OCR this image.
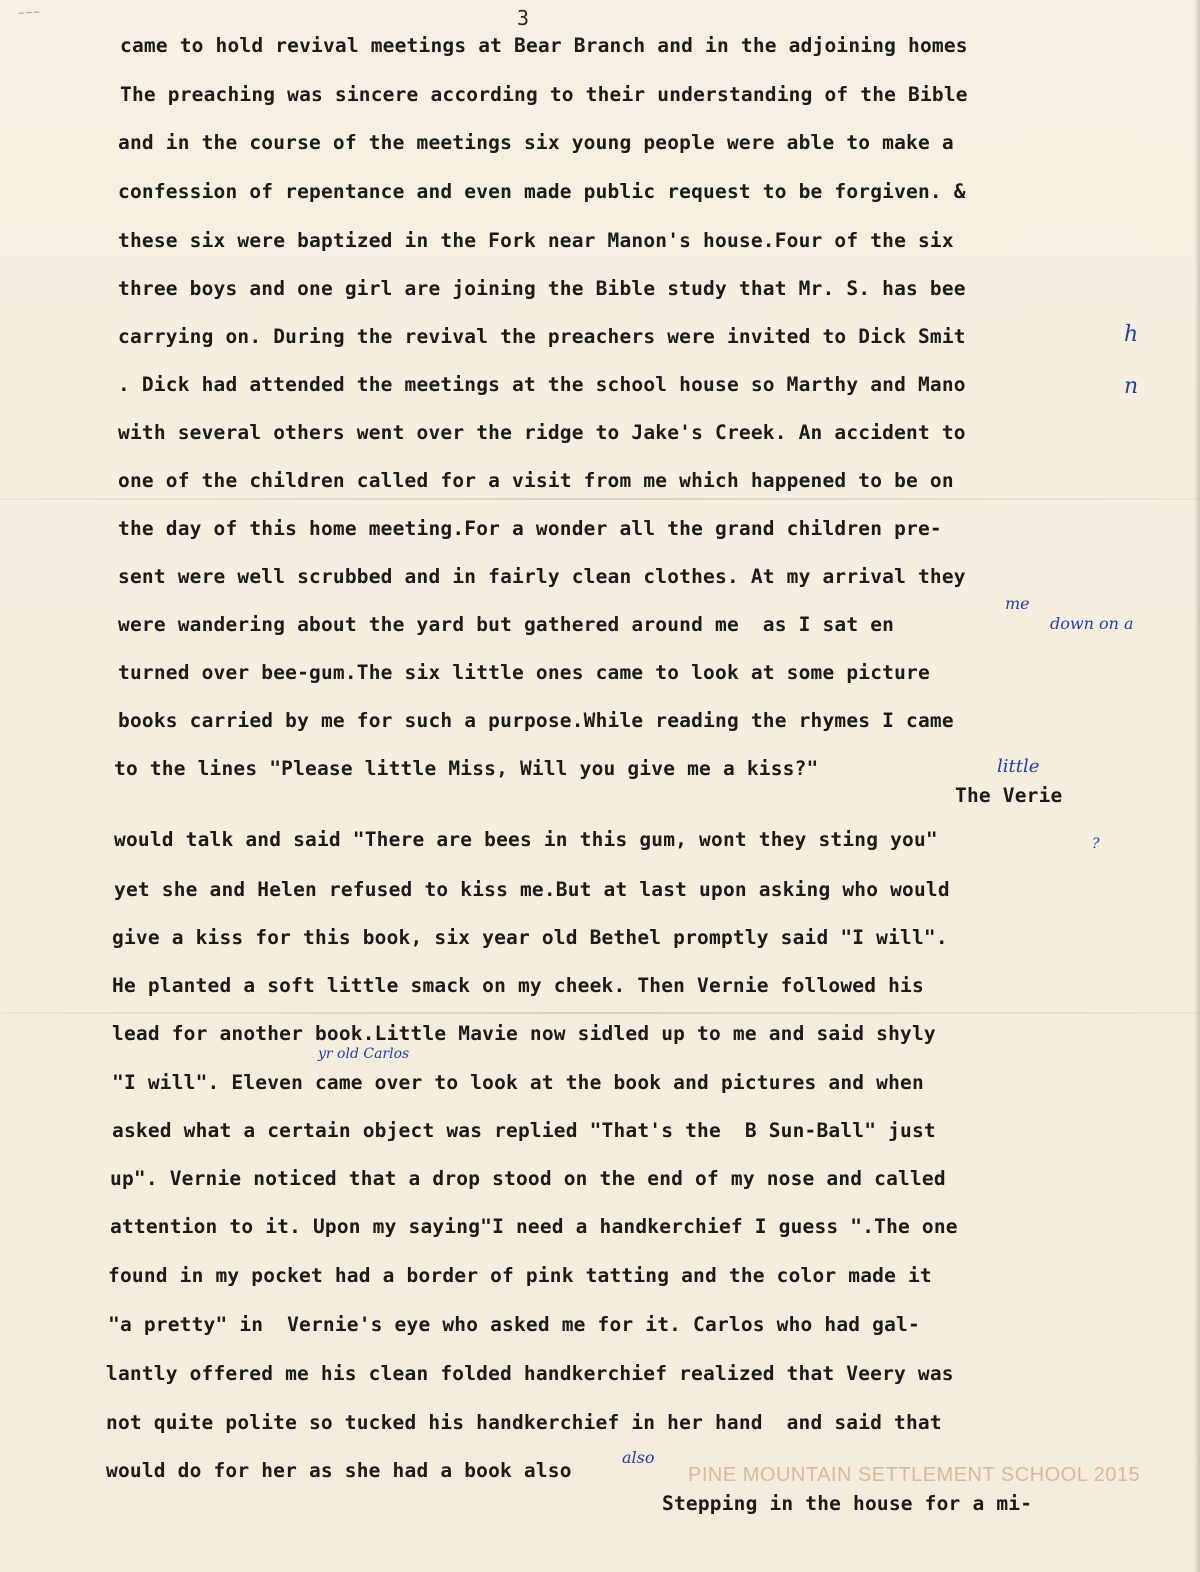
~~~	3
came to hold revival meetings at Bear Branch and in the adjoining homes
The preaching was sincere according to their understanding of the Bible
and in the course of the meetings six young people were able to make a
confession of repentance and even made public request to be forgiven. &
these six were baptized in the Fork near Manon's house.Four of the six
three boys and one girl are joining the Bible study that Mr. S. has bee
carrying on. During the revival the preachers were invited to Dick Smit
. Dick had attended the meetings at the school house so Marthy and Mano
with several others went over the ridge to Jake's Creek. An accident to
one of the children called for a visit from me which happened to be on
the day of this home meeting.For a wonder all the grand children pre-
sent were well scrubbed and in fairly clean clothes. At my arrival they
were wandering about the yard but gathered around me  as I sat en
turned over bee-gum.The six little ones came to look at some picture
books carried by me for such a purpose.While reading the rhymes I came
to the lines "Please little Miss, Will you give me a kiss?"
The Verie
would talk and said "There are bees in this gum, wont they sting you"
yet she and Helen refused to kiss me.But at last upon asking who would
give a kiss for this book, six year old Bethel promptly said "I will".
He planted a soft little smack on my cheek. Then Vernie followed his
lead for another book.Little Mavie now sidled up to me and said shyly
"I will". Eleven came over to look at the book and pictures and when
asked what a certain object was replied "That's the  B Sun-Ball" just
up". Vernie noticed that a drop stood on the end of my nose and called
attention to it. Upon my saying"I need a handkerchief I guess ".The one
found in my pocket had a border of pink tatting and the color made it
"a pretty" in  Vernie's eye who asked me for it. Carlos who had gal-
lantly offered me his clean folded handkerchief realized that Veery was
not quite polite so tucked his handkerchief in her hand  and said that
would do for her as she had a book also
Stepping in the house for a mi-
h
n
me
down on a
little
?
yr old Carlos
also
PINE MOUNTAIN SETTLEMENT SCHOOL 2015
